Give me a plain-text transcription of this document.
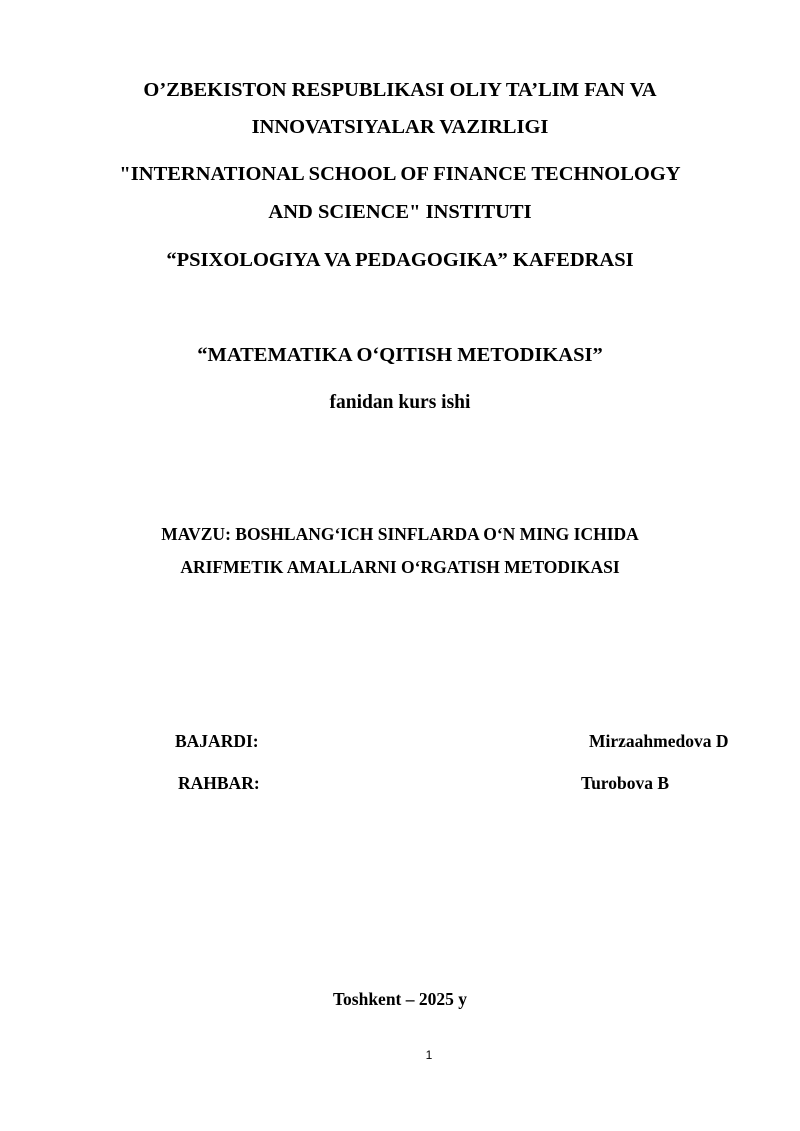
O’ZBEKISTON RESPUBLIKASI OLIY TA’LIM FAN VA
INNOVATSIYALAR VAZIRLIGI
"INTERNATIONAL SCHOOL OF FINANCE TECHNOLOGY
AND SCIENCE" INSTITUTI
“PSIXOLOGIYA VA PEDAGOGIKA” KAFEDRASI
“MATEMATIKA O‘QITISH METODIKASI”
fanidan kurs ishi
MAVZU: BOSHLANG‘ICH SINFLARDA O‘N MING ICHIDA
ARIFMETIK AMALLARNI O‘RGATISH METODIKASI
BAJARDI:	Mirzaahmedova D
RAHBAR:	Turobova B
Toshkent – 2025 y
1
